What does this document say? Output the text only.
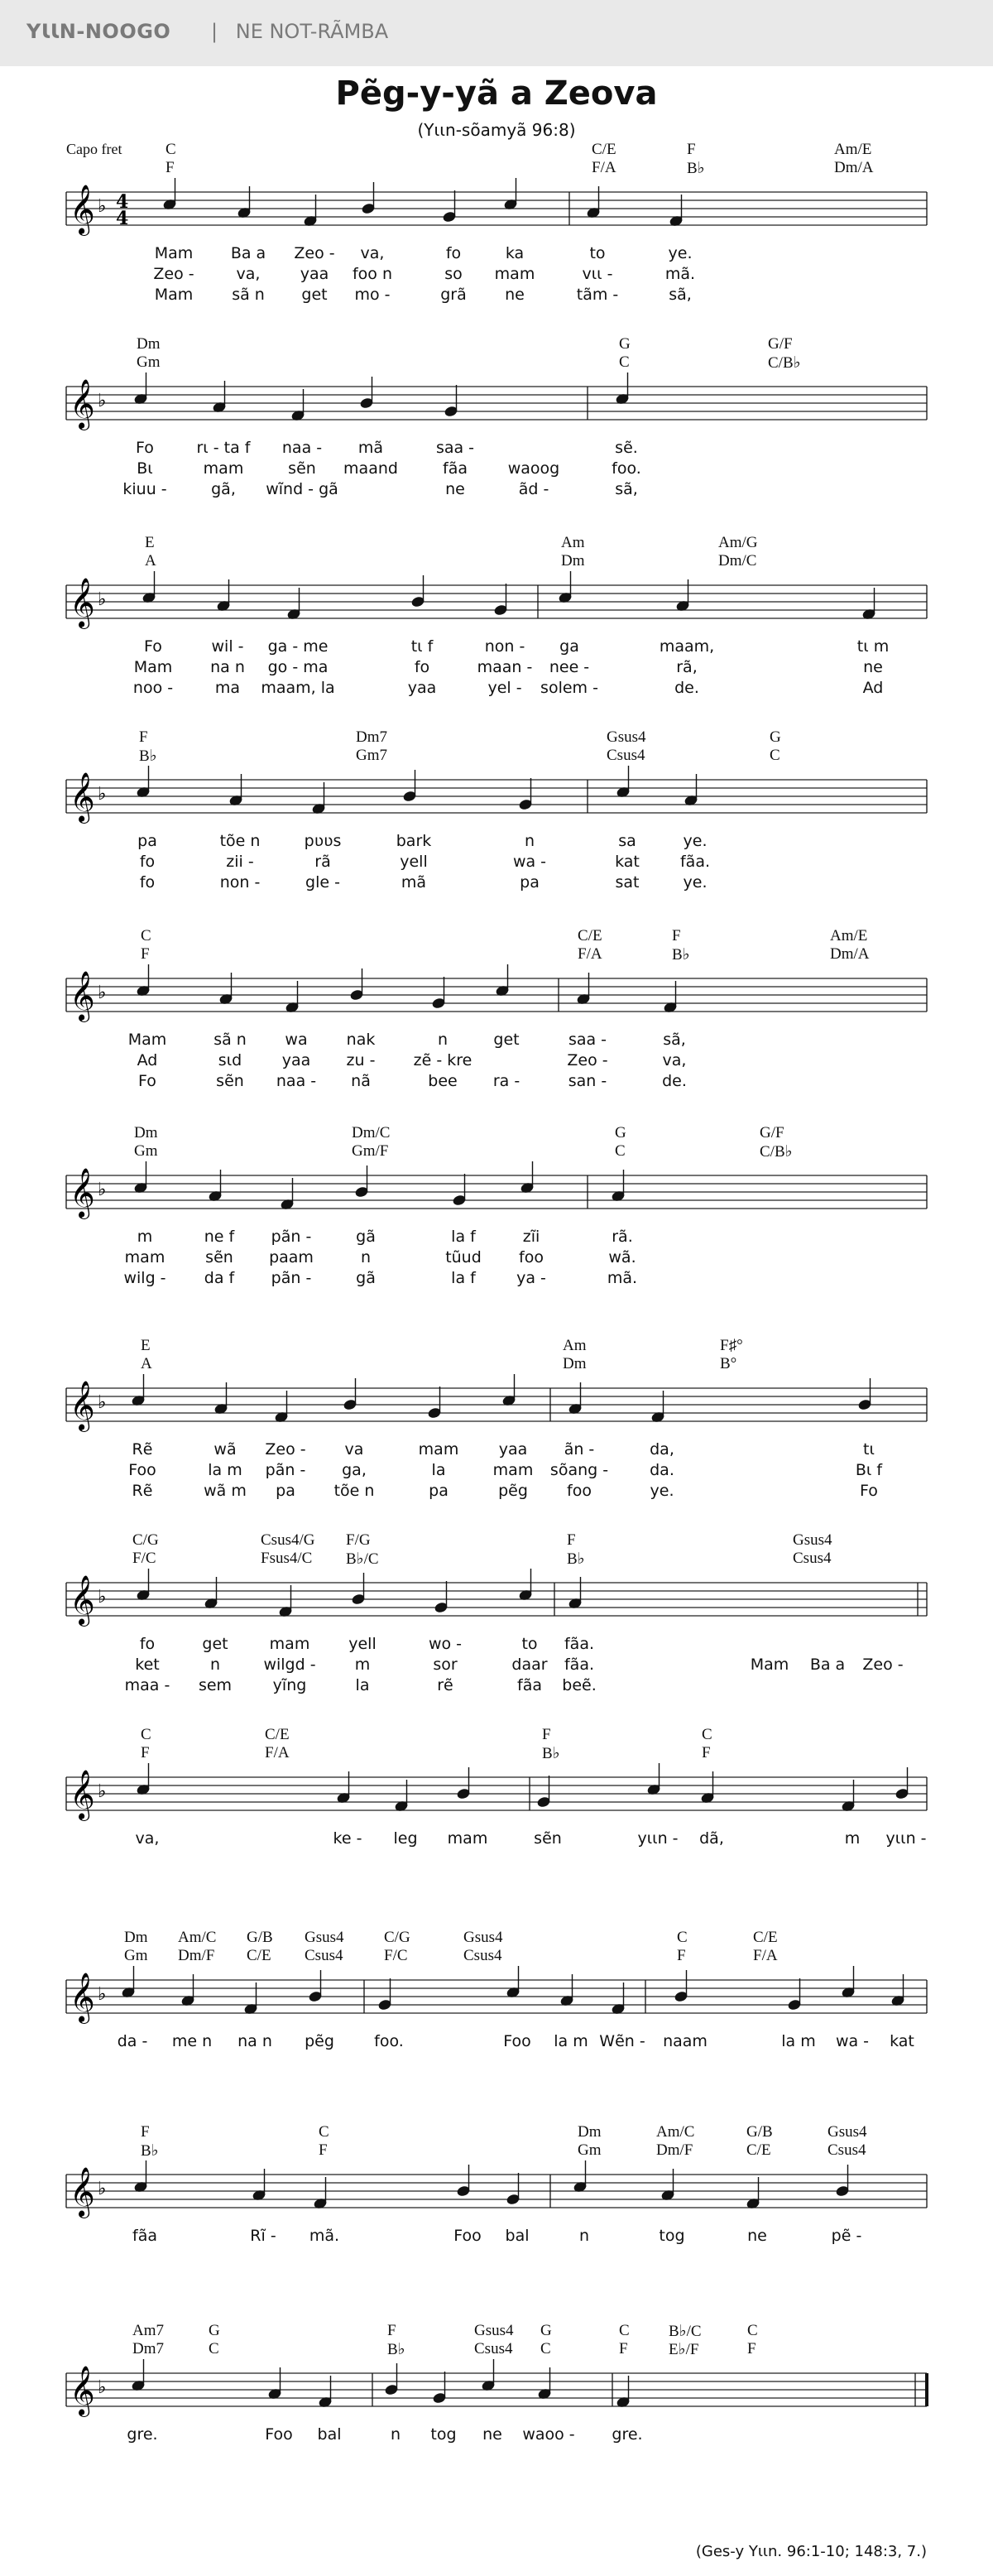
YƖƖN-NOOGO | NE NOT-RÃMBA
Pẽg-y-yã a Zeova
(Yɩɩn-sõamyã 96:8)
Capo fret	C	C/E	F	Am/E
F	F/A	B♭	Dm/A
𝄞 ♭ 4
4
Mam Ba a Zeo - va,	fo	ka	to	ye.
Zeo -	va,	yaa foo n	so mam	vɩɩ -	mã.
Mam sã n get mo -	grã ne	tãm -	sã,
Dm	G	G/F
Gm	C	C/B♭
𝄞 ♭
Fo	rɩ - ta f naa - mã	saa -	sẽ.
Bɩ	mam	sẽn maand	fãa	waoog	foo.
kiuu -	gã, wĩnd - gã	ne	ãd -	sã,
E	Am	Am/G
A	Dm	Dm/C
𝄞 ♭
Fo	wil - ga - me	tɩ f	non - ga	maam,	tɩ m
Mam na n go - ma	fo	maan - nee -	rã,	ne
noo -	ma maam, la	yaa	yel - solem -	de.	Ad
F	Dm7	Gsus4	G
B♭	Gm7	Csus4	C
𝄞 ♭
pa	tõe n	pʋʋs	bark	n	sa	ye.
fo	zii -	rã	yell	wa -	kat	fãa.
fo	non -	gle -	mã	pa	sat	ye.
C	C/E	F	Am/E
F	F/A	B♭	Dm/A
𝄞 ♭
Mam	sã n wa nak	n	get	saa -	sã,
Ad	sɩd	yaa zu - zẽ - kre	Zeo -	va,
Fo	sẽn naa - nã	bee ra -	san -	de.
Dm	Dm/C	G	G/F
Gm	Gm/F	C	C/B♭
𝄞 ♭
m	ne f pãn -	gã	la f	zĩi	rã.
mam	sẽn paam	n	tũud foo	wã.
wilg - da f pãn -	gã	la f	ya -	mã.
E	Am	F♯°
A	Dm	B°
𝄞 ♭
Rẽ	wã Zeo - va	mam	yaa ãn -	da,	tɩ
Foo	la m pãn - ga,	la	mam sõang -	da.	Bɩ f
Rẽ	wã m pa tõe n	pa	pẽg foo	ye.	Fo
C/G	Csus4/G F/G	F	Gsus4
F/C	Fsus4/C B♭/C	B♭	Csus4
𝄞 ♭
fo	get	mam yell	wo -	to fãa.
ket	n	wilgd - m	sor	daar fãa.	Mam Ba a Zeo -
maa - sem	yĩng	la	rẽ	fãa beẽ.
C	C/E	F	C
F	F/A	B♭	F
𝄞 ♭
va,	ke - leg mam	sẽn	yɩɩn - dã,	m yɩɩn -
Dm Am/C G/B Gsus4	C/G	Gsus4	C	C/E
Gm Dm/F C/E Csus4	F/C	Csus4	F	F/A
𝄞 ♭
da - me n na n pẽg	foo.	Foo la m Wẽn - naam	la m wa - kat
F	C	Dm	Am/C	G/B	Gsus4
B♭	F	Gm	Dm/F	C/E	Csus4
𝄞 ♭
fãa	Rĩ - mã.	Foo bal	n	tog	ne	pẽ -
Am7	G	F	Gsus4 G	C B♭/C	C
Dm7	C	B♭	Csus4 C	F	E♭/F	F
𝄞 ♭
gre.	Foo bal	n tog ne waoo - gre.
(Ges-y Yɩɩn. 96:1-10; 148:3, 7.)
